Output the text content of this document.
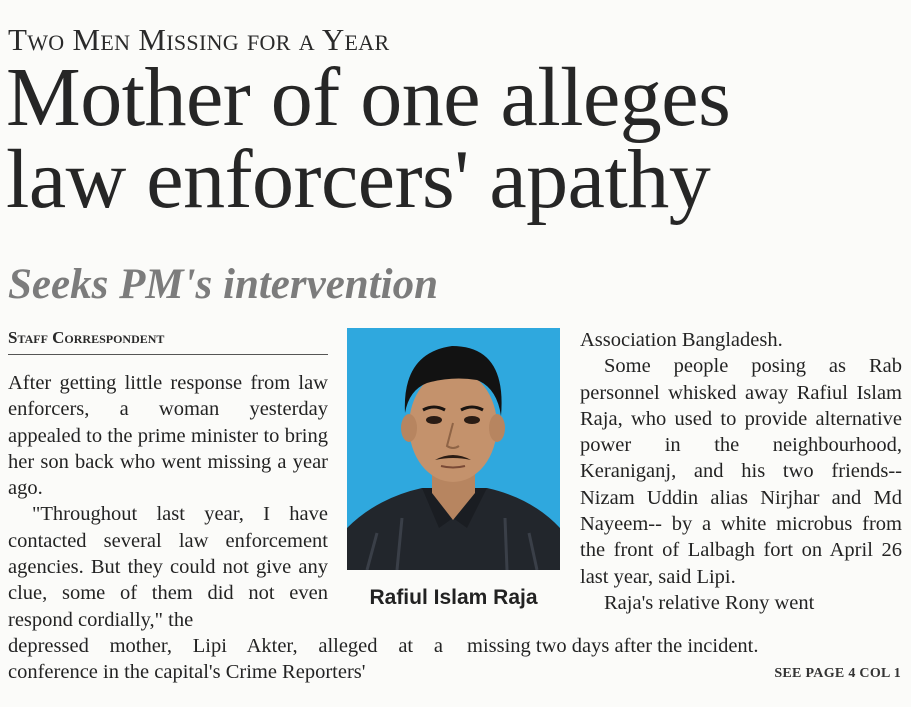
Two Men Missing for a Year
Mother of one alleges
law enforcers' apathy
Seeks PM's intervention
Staff Correspondent

After getting little response from law enforcers, a woman yesterday appealed to the prime minister to bring her son back who went missing a year ago.

"Throughout last year, I have contacted several law enforcement agencies. But they could not give any clue, some of them did not even respond cordially," the

depressed mother, Lipi Akter, alleged at a conference in the capital's Crime Reporters'
Rafiul Islam Raja

Association Bangladesh.

Some people posing as Rab personnel whisked away Rafiul Islam Raja, who used to provide alternative power in the neighbourhood, Keraniganj, and his two friends--Nizam Uddin alias Nirjhar and Md Nayeem-- by a white microbus from the front of Lalbagh fort on April 26 last year, said Lipi.

Raja's relative Rony went

missing two days after the incident.
SEE PAGE 4 COL 1
